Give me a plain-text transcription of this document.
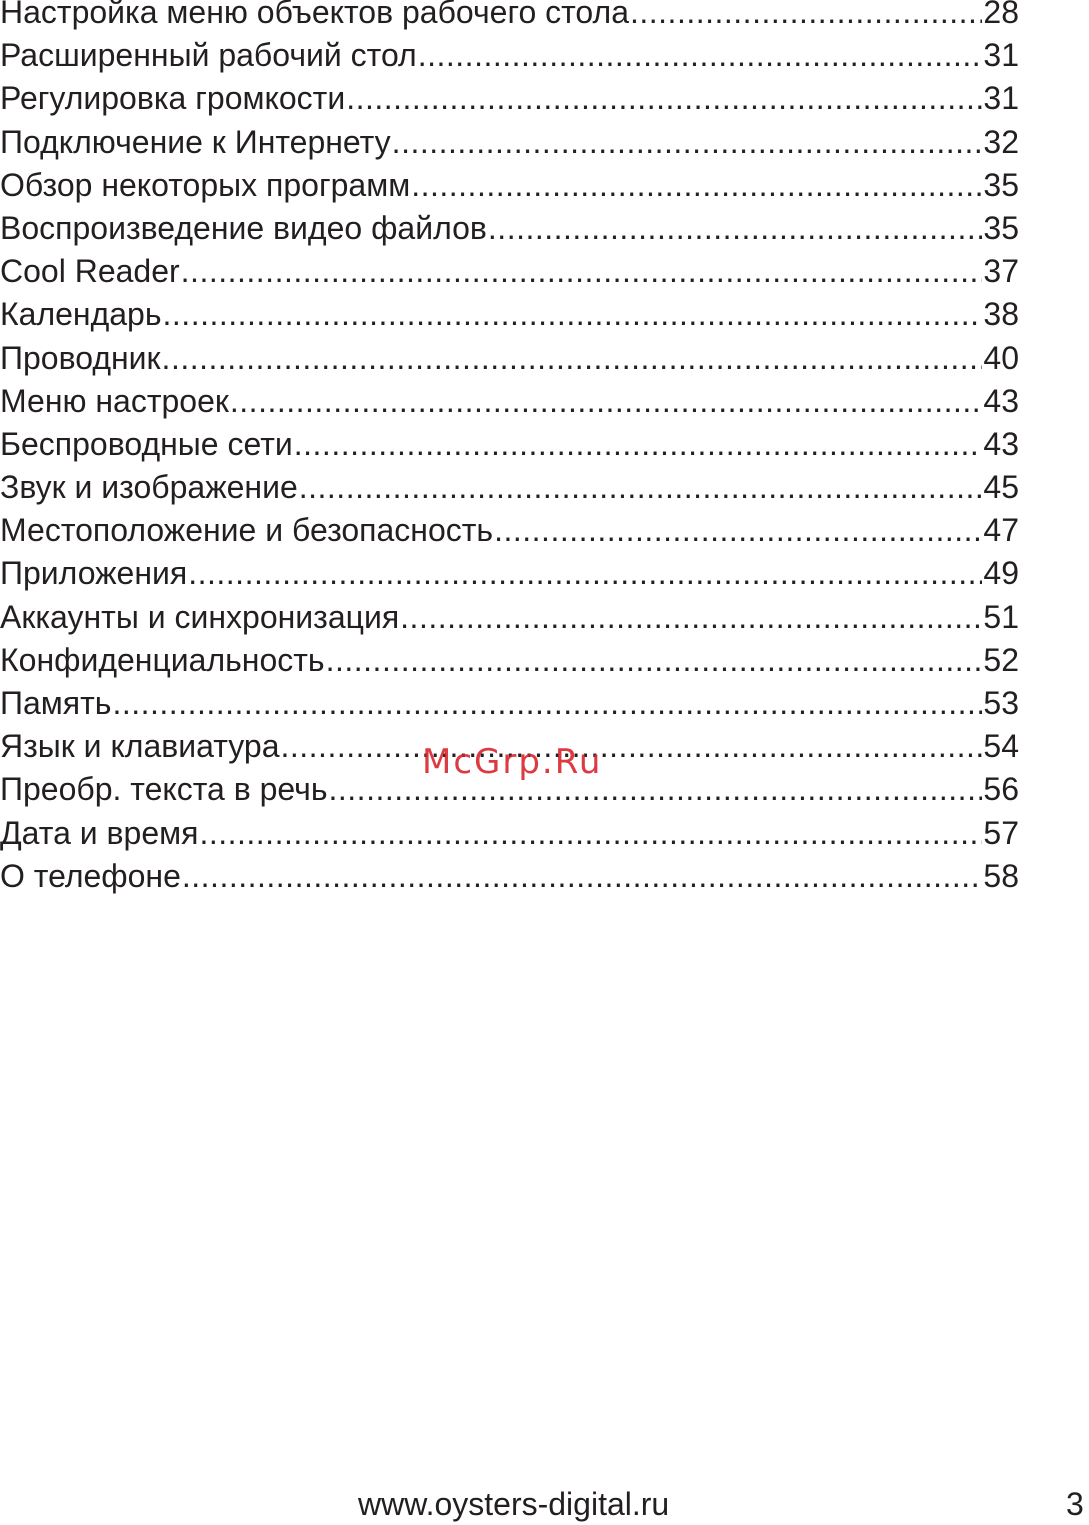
Настройка меню объектов рабочего стола .....	28
Расширенный рабочий стол .....	31
Регулировка громкости .....	31
Подключение к Интернету .....	32
Обзор некоторых программ .....	35
Воспроизведение видео файлов .....	35
Cool Reader .....	37
Календарь .....	38
Проводник .....	40
Меню настроек .....	43
Беспроводные сети .....	43
Звук и изображение .....	45
Местоположение и безопасность .....	47
Приложения .....	49
Аккаунты и синхронизация .....	51
Конфиденциальность .....	52
Память .....	53
Язык и клавиатура .....	54
Преобр. текста в речь .....	56
Дата и время .....	57
О телефоне .....	58
McGrp.Ru
www.oysters-digital.ru	3
